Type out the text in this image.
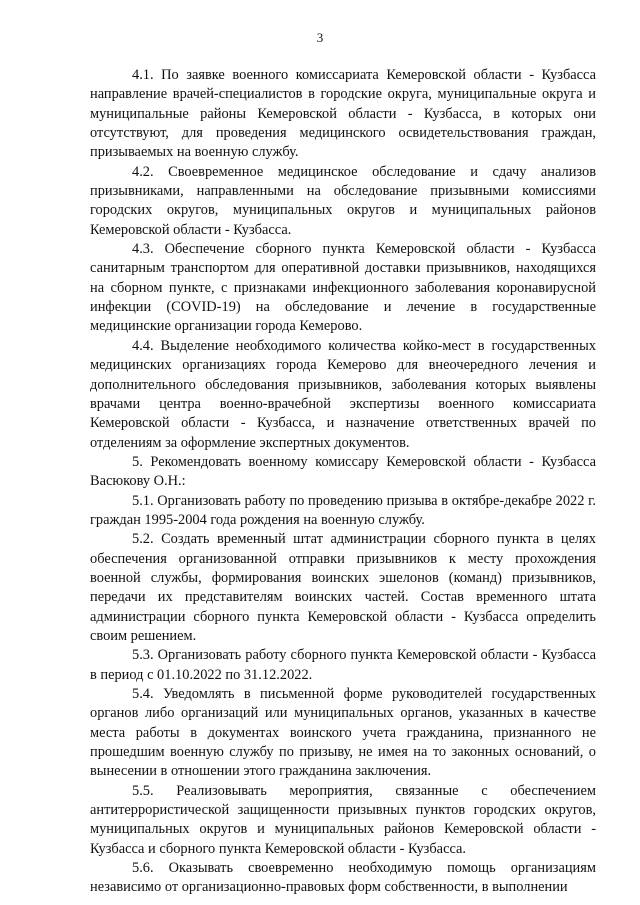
3

4.1. По заявке военного комиссариата Кемеровской области - Кузбасса направление врачей-специалистов в городские округа, муниципальные округа и муниципальные районы Кемеровской области - Кузбасса, в которых они отсутствуют, для проведения медицинского освидетельствования граждан, призываемых на военную службу.

4.2. Своевременное медицинское обследование и сдачу анализов призывниками, направленными на обследование призывными комиссиями городских округов, муниципальных округов и муниципальных районов Кемеровской области - Кузбасса.

4.3. Обеспечение сборного пункта Кемеровской области - Кузбасса санитарным транспортом для оперативной доставки призывников, находящихся на сборном пункте, с признаками инфекционного заболевания коронавирусной инфекции (COVID-19) на обследование и лечение в государственные медицинские организации города Кемерово.

4.4. Выделение необходимого количества койко-мест в государственных медицинских организациях города Кемерово для внеочередного лечения и дополнительного обследования призывников, заболевания которых выявлены врачами центра военно-врачебной экспертизы военного комиссариата Кемеровской области - Кузбасса, и назначение ответственных врачей по отделениям за оформление экспертных документов.

5. Рекомендовать военному комиссару Кемеровской области - Кузбасса Васюкову О.Н.:

5.1. Организовать работу по проведению призыва в октябре-декабре 2022 г. граждан 1995-2004 года рождения на военную службу.

5.2. Создать временный штат администрации сборного пункта в целях обеспечения организованной отправки призывников к месту прохождения военной службы, формирования воинских эшелонов (команд) призывников, передачи их представителям воинских частей. Состав временного штата администрации сборного пункта Кемеровской области - Кузбасса определить своим решением.

5.3. Организовать работу сборного пункта Кемеровской области - Кузбасса в период с 01.10.2022 по 31.12.2022.

5.4. Уведомлять в письменной форме руководителей государственных органов либо организаций или муниципальных органов, указанных в качестве места работы в документах воинского учета гражданина, признанного не прошедшим военную службу по призыву, не имея на то законных оснований, о вынесении в отношении этого гражданина заключения.

5.5. Реализовывать мероприятия, связанные с обеспечением антитеррористической защищенности призывных пунктов городских округов, муниципальных округов и муниципальных районов Кемеровской области - Кузбасса и сборного пункта Кемеровской области - Кузбасса.

5.6. Оказывать своевременно необходимую помощь организациям независимо от организационно-правовых форм собственности, в выполнении
